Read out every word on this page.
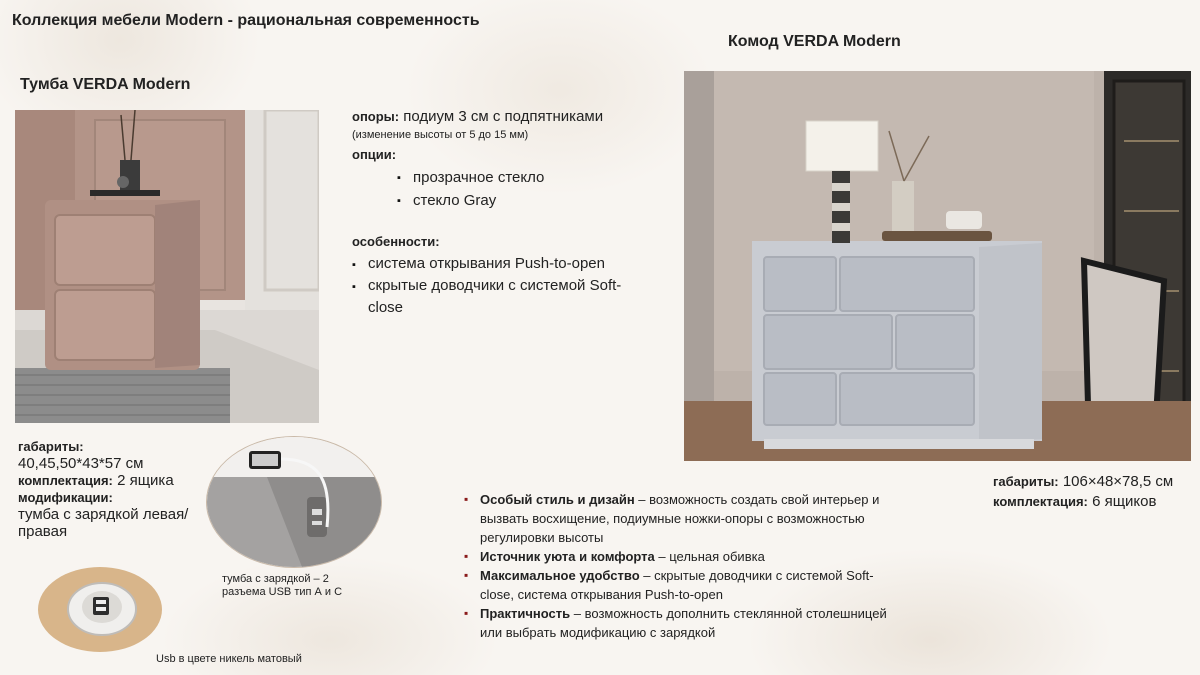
Коллекция мебели Modern - рациональная современность
Комод VERDA Modern
Тумба VERDA Modern
опоры: подиум 3 см с подпятниками
(изменение высоты от 5 до 15 мм)
опции:
▪ прозрачное стекло
▪ стекло Gray
особенности:
▪ система открывания Push-to-open
▪ скрытые доводчики с системой Soft-close
габариты:
40,45,50*43*57 см
комплектация: 2 ящика
модификации:
тумба с зарядкой левая/правая
тумба с зарядкой – 2 разъема USB тип А и С
Usb в цвете никель матовый
габариты: 106×48×78,5 см
комплектация: 6 ящиков
▪ Особый стиль и дизайн – возможность создать свой интерьер и вызвать восхищение, подиумные ножки-опоры с возможностью регулировки высоты
▪ Источник уюта и комфорта – цельная обивка
▪ Максимальное удобство – скрытые доводчики с системой Soft-close, система открывания Push-to-open
▪ Практичность – возможность дополнить стеклянной столешницей или выбрать модификацию с зарядкой
